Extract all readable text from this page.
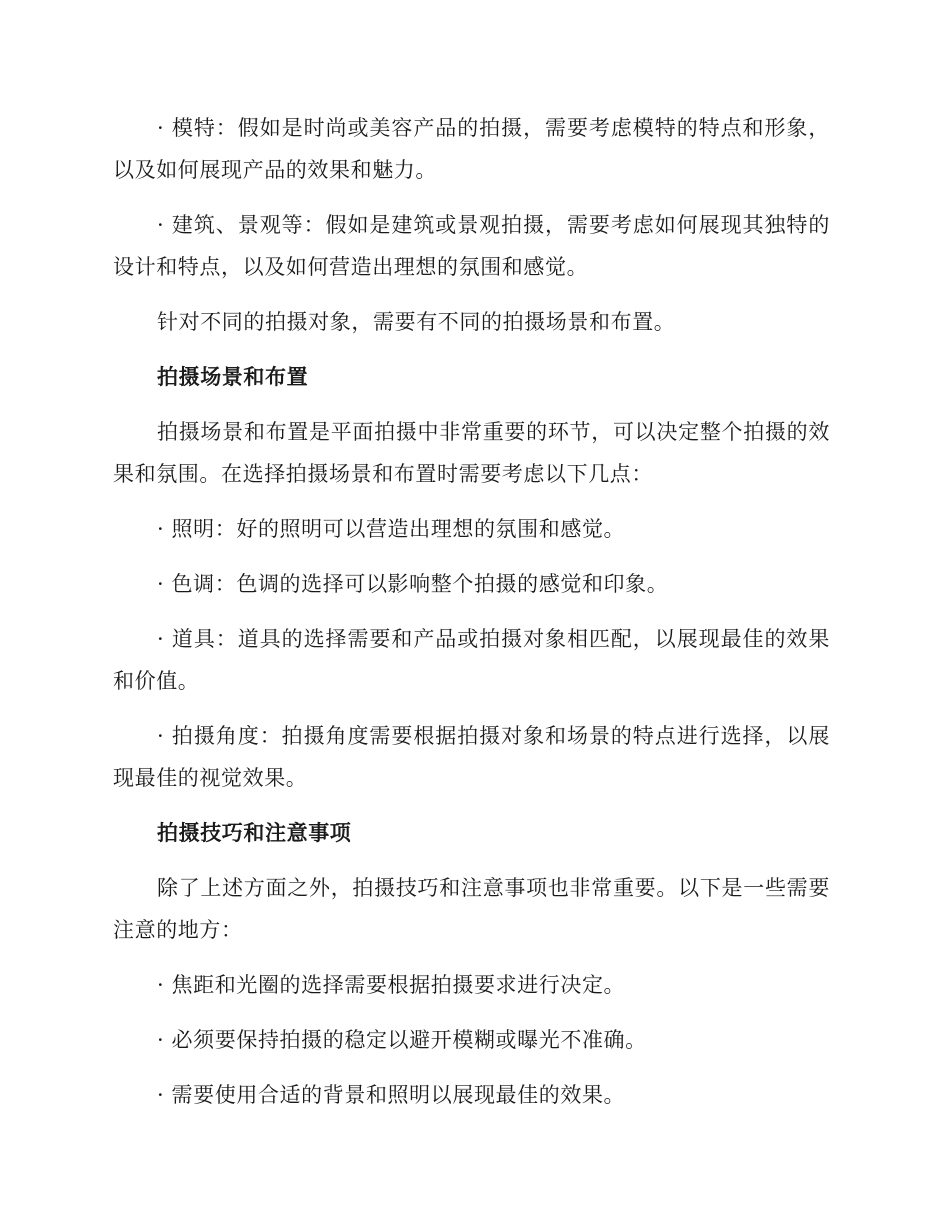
· 模特：假如是时尚或美容产品的拍摄，需要考虑模特的特点和形象，以及如何展现产品的效果和魅力。

· 建筑、景观等：假如是建筑或景观拍摄，需要考虑如何展现其独特的设计和特点，以及如何营造出理想的氛围和感觉。

针对不同的拍摄对象，需要有不同的拍摄场景和布置。

拍摄场景和布置

拍摄场景和布置是平面拍摄中非常重要的环节，可以决定整个拍摄的效果和氛围。在选择拍摄场景和布置时需要考虑以下几点：

· 照明：好的照明可以营造出理想的氛围和感觉。

· 色调：色调的选择可以影响整个拍摄的感觉和印象。

· 道具：道具的选择需要和产品或拍摄对象相匹配，以展现最佳的效果和价值。

· 拍摄角度：拍摄角度需要根据拍摄对象和场景的特点进行选择，以展现最佳的视觉效果。

拍摄技巧和注意事项

除了上述方面之外，拍摄技巧和注意事项也非常重要。以下是一些需要注意的地方：

· 焦距和光圈的选择需要根据拍摄要求进行决定。

· 必须要保持拍摄的稳定以避开模糊或曝光不准确。

· 需要使用合适的背景和照明以展现最佳的效果。
